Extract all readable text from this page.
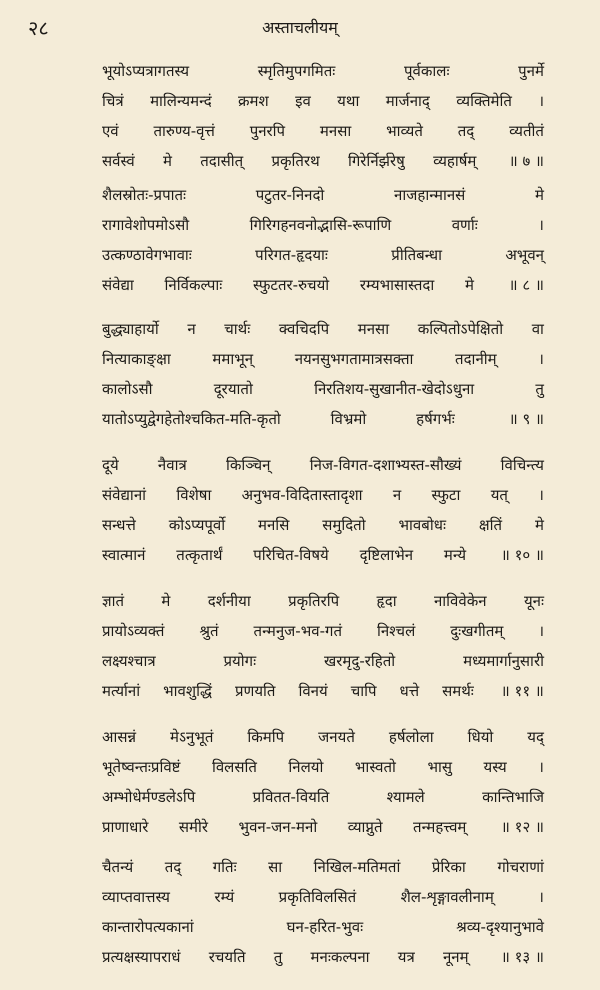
२८	अस्ताचलीयम्
भूयोऽप्यत्रागतस्य	स्मृतिमुपगमितः	पूर्वकालः	पुनर्मे
चित्रं मालिन्यमन्दं क्रमश इव यथा मार्जनाद् व्यक्तिमेति ।
एवं तारुण्य-वृत्तं पुनरपि मनसा भाव्यते तद् व्यतीतं
सर्वस्वं मे तदासीत् प्रकृतिरथ गिरेर्निर्झरेषु व्यहार्षम् ॥ ७ ॥
शैलस्रोतः-प्रपातः	पटुतर-निनदो	नाजहान्मानसं	मे
रागावेशोपमोऽसौ	गिरिगहनवनोद्भासि-रूपाणि	वर्णाः	।
उत्कण्ठावेगभावाः	परिगत-हृदयाः	प्रीतिबन्धा	अभूवन्
संवेद्या निर्विकल्पाः स्फुटतर-रुचयो रम्यभासास्तदा मे ॥ ८ ॥
बुद्ध्याहार्यो न चार्थः क्वचिदपि मनसा कल्पितोऽपेक्षितो वा
नित्याकाङ्क्षा	ममाभून्	नयनसुभगतामात्रसक्ता	तदानीम्	।
कालोऽसौ	दूरयातो	निरतिशय-सुखानीत-खेदोऽधुना	तु
यातोऽप्युद्वेगहेतोश्चकित-मति-कृतो	विभ्रमो	हर्षगर्भः	॥ ९ ॥
दूये	नैवात्र	किञ्चिन्	निज-विगत-दशाभ्यस्त-सौख्यं	विचिन्त्य
संवेद्यानां विशेषा अनुभव-विदितास्तादृशा न स्फुटा यत् ।
सन्धत्ते कोऽप्यपूर्वो मनसि समुदितो भावबोधः क्षतिं मे
स्वात्मानं तत्कृतार्थं परिचित-विषये दृष्टिलाभेन मन्ये ॥ १० ॥
ज्ञातं मे दर्शनीया प्रकृतिरपि हृदा नाविवेकेन यूनः
प्रायोऽव्यक्तं श्रुतं तन्मनुज-भव-गतं निश्चलं दुःखगीतम् ।
लक्ष्यश्चात्र	प्रयोगः	खरमृदु-रहितो	मध्यमार्गानुसारी
मर्त्यानां भावशुद्धिं प्रणयति विनयं चापि धत्ते समर्थः ॥ ११ ॥
आसन्नं मेऽनुभूतं किमपि जनयते हर्षलोला धियो यद्
भूतेष्वन्तःप्रविष्टं विलसति निलयो भास्वतो भासु यस्य ।
अम्भोधेर्मण्डलेऽपि	प्रवितत-वियति	श्यामले	कान्तिभाजि
प्राणाधारे समीरे भुवन-जन-मनो व्याप्नुते तन्महत्त्वम् ॥ १२ ॥
चैतन्यं तद् गतिः सा निखिल-मतिमतां प्रेरिका गोचराणां
व्याप्तवात्तस्य	रम्यं	प्रकृतिविलसितं	शैल-शृङ्गावलीनाम्	।
कान्तारोपत्यकानां	घन-हरित-भुवः	श्रव्य-दृश्यानुभावे
प्रत्यक्षस्यापराधं रचयति तु मनःकल्पना यत्र नूनम् ॥ १३ ॥
